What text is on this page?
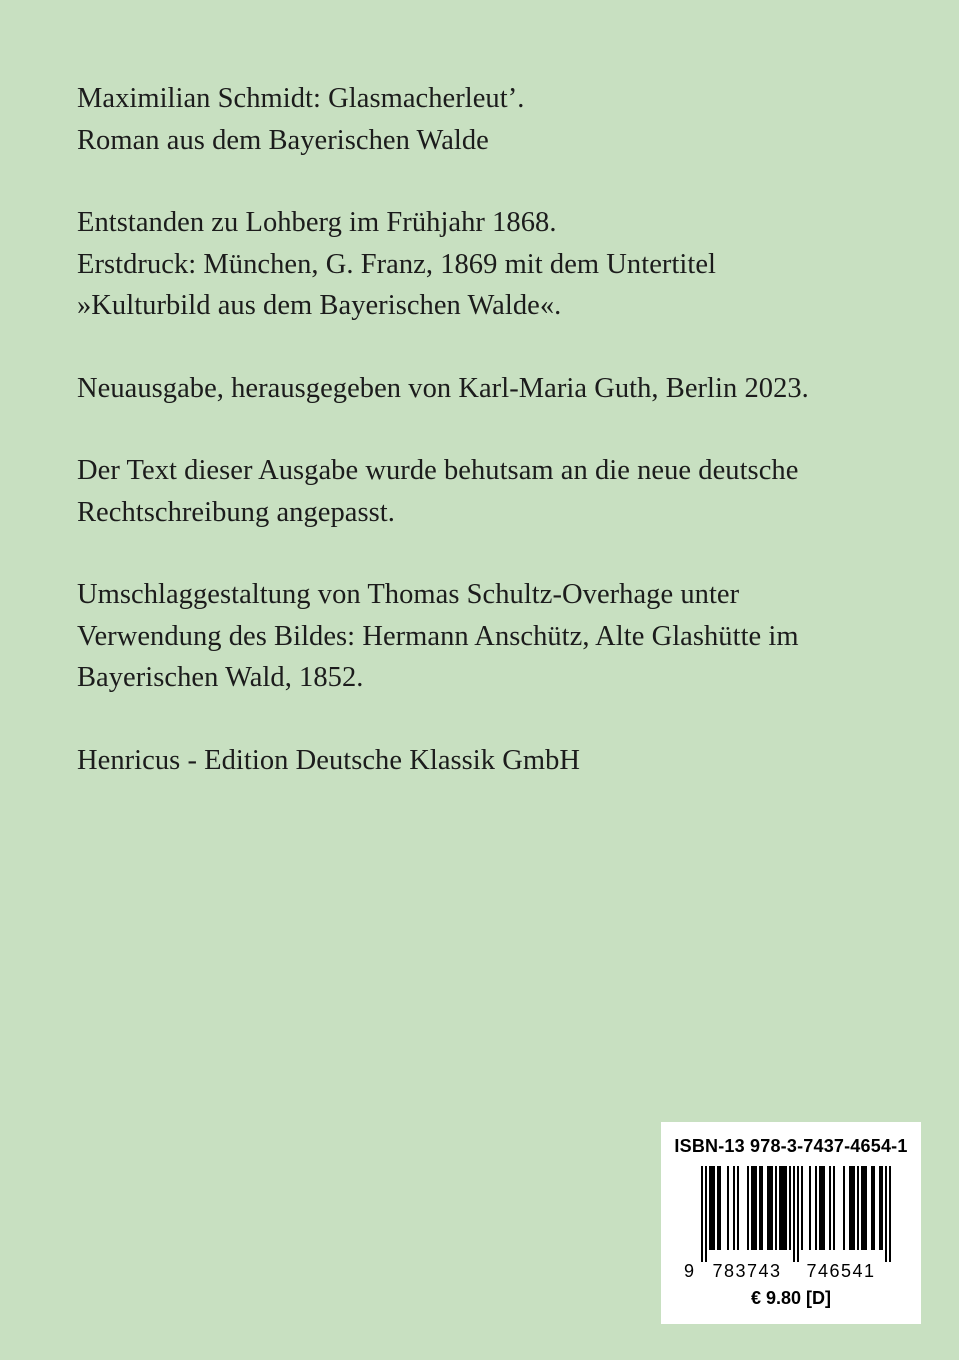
Maximilian Schmidt: Glasmacherleut’.
Roman aus dem Bayerischen Walde
Entstanden zu Lohberg im Frühjahr 1868.
Erstdruck: München, G. Franz, 1869 mit dem Untertitel
»Kulturbild aus dem Bayerischen Walde«.
Neuausgabe, herausgegeben von Karl-Maria Guth, Berlin 2023.
Der Text dieser Ausgabe wurde behutsam an die neue deutsche
Rechtschreibung angepasst.
Umschlaggestaltung von Thomas Schultz-Overhage unter
Verwendung des Bildes: Hermann Anschütz, Alte Glashütte im
Bayerischen Wald, 1852.
Henricus - Edition Deutsche Klassik GmbH
ISBN-13 978-3-7437-4654-1
9 783743 746541
€ 9.80 [D]
